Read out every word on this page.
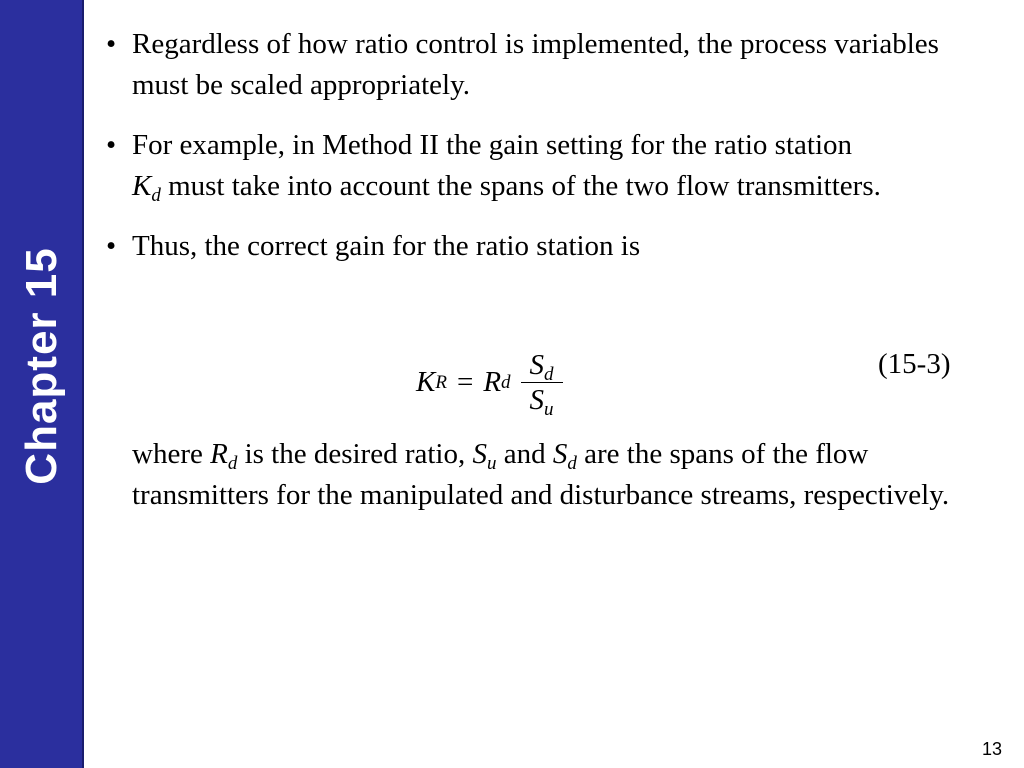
Chapter 15
• Regardless of how ratio control is implemented, the process variables must be scaled appropriately.
• For example, in Method II the gain setting for the ratio station
$K_d$ must take into account the spans of the two flow transmitters.
• Thus, the correct gain for the ratio station is
K R = R d $\frac{S_d}{S_u}$	(15-3)
where $R_d$ is the desired ratio, $S_u$ and $S_d$ are the spans of the flow transmitters for the manipulated and disturbance streams, respectively.
13
